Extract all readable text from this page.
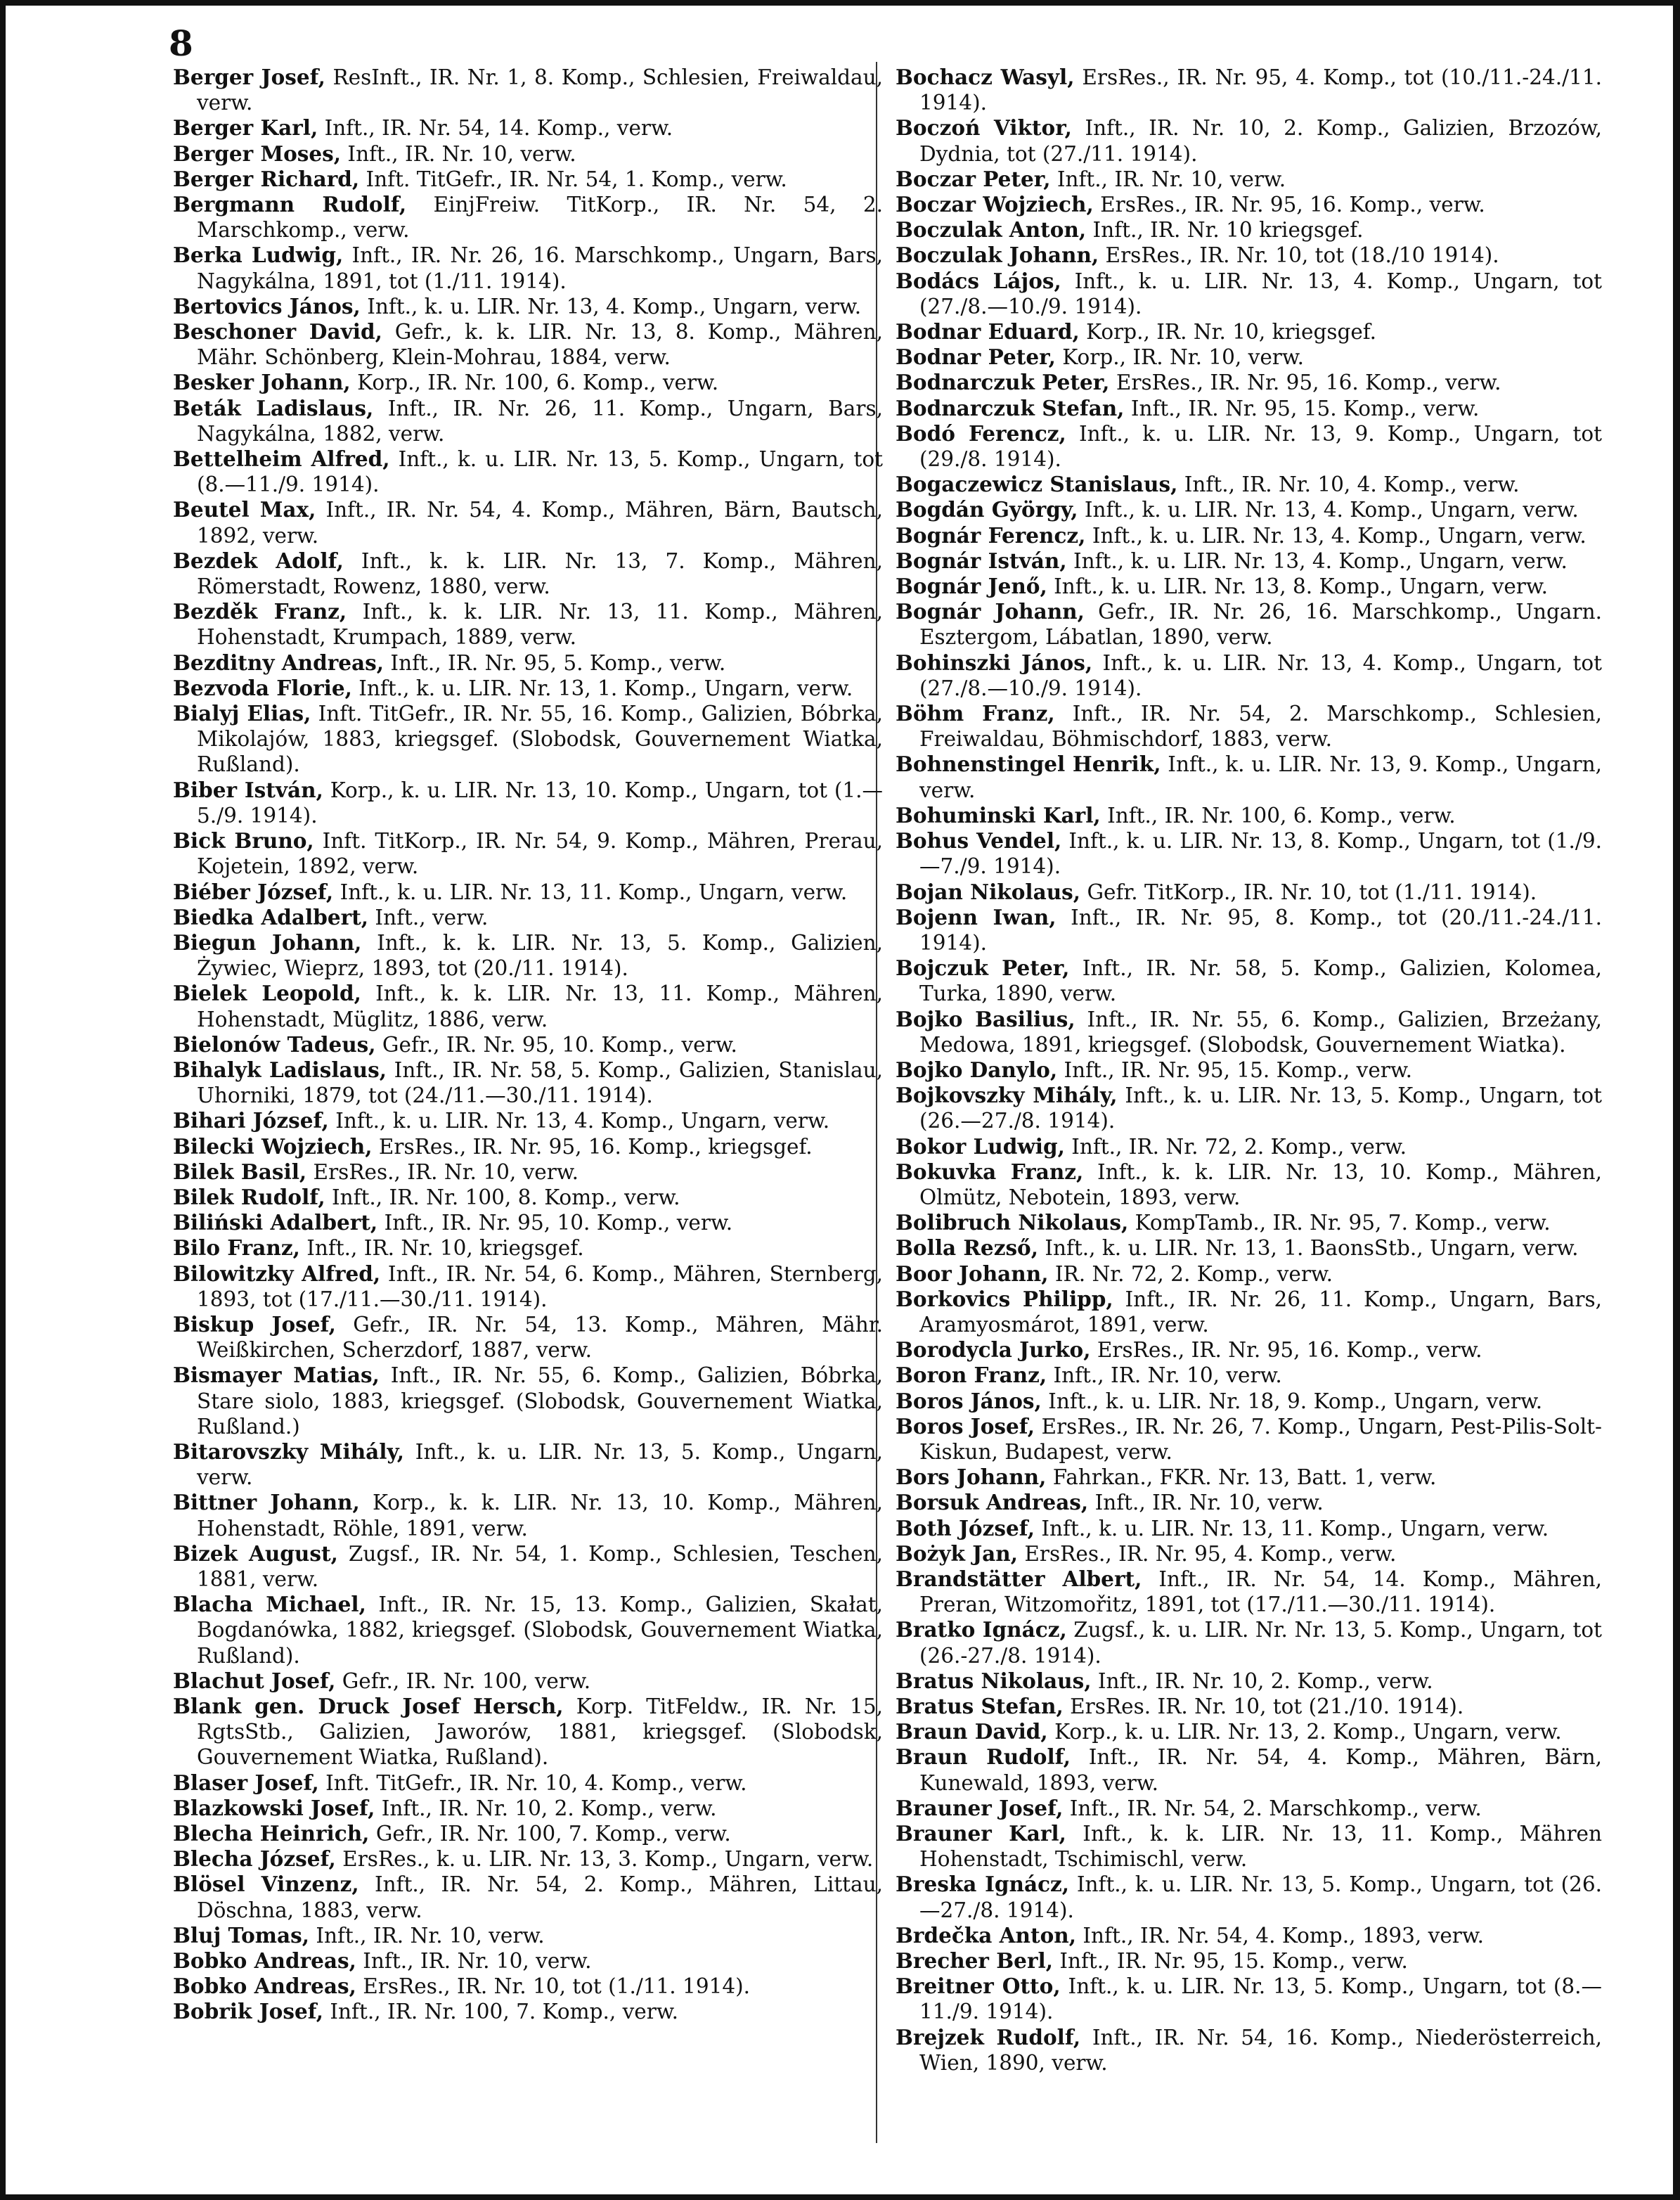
8
Berger Josef, ResInft., IR. Nr. 1, 8. Komp., Schlesien, Freiwaldau, verw.
Berger Karl, Inft., IR. Nr. 54, 14. Komp., verw.
Berger Moses, Inft., IR. Nr. 10, verw.
Berger Richard, Inft. TitGefr., IR. Nr. 54, 1. Komp., verw.
Bergmann Rudolf, EinjFreiw. TitKorp., IR. Nr. 54, 2. Marschkomp., verw.
Berka Ludwig, Inft., IR. Nr. 26, 16. Marschkomp., Ungarn, Bars, Nagykálna, 1891, tot (1./11. 1914).
Bertovics János, Inft., k. u. LIR. Nr. 13, 4. Komp., Ungarn, verw.
Beschoner David, Gefr., k. k. LIR. Nr. 13, 8. Komp., Mähren, Mähr. Schönberg, Klein-Mohrau, 1884, verw.
Besker Johann, Korp., IR. Nr. 100, 6. Komp., verw.
Beták Ladislaus, Inft., IR. Nr. 26, 11. Komp., Ungarn, Bars, Nagykálna, 1882, verw.
Bettelheim Alfred, Inft., k. u. LIR. Nr. 13, 5. Komp., Ungarn, tot (8.—11./9. 1914).
Beutel Max, Inft., IR. Nr. 54, 4. Komp., Mähren, Bärn, Bautsch, 1892, verw.
Bezdek Adolf, Inft., k. k. LIR. Nr. 13, 7. Komp., Mähren, Römerstadt, Rowenz, 1880, verw.
Bezděk Franz, Inft., k. k. LIR. Nr. 13, 11. Komp., Mähren, Hohenstadt, Krumpach, 1889, verw.
Bezditny Andreas, Inft., IR. Nr. 95, 5. Komp., verw.
Bezvoda Florie, Inft., k. u. LIR. Nr. 13, 1. Komp., Ungarn, verw.
Bialyj Elias, Inft. TitGefr., IR. Nr. 55, 16. Komp., Galizien, Bóbrka, Mikolajów, 1883, kriegsgef. (Slobodsk, Gouvernement Wiatka, Rußland).
Biber István, Korp., k. u. LIR. Nr. 13, 10. Komp., Ungarn, tot (1.—5./9. 1914).
Bick Bruno, Inft. TitKorp., IR. Nr. 54, 9. Komp., Mähren, Prerau, Kojetein, 1892, verw.
Biéber József, Inft., k. u. LIR. Nr. 13, 11. Komp., Ungarn, verw.
Biedka Adalbert, Inft., verw.
Biegun Johann, Inft., k. k. LIR. Nr. 13, 5. Komp., Galizien, Żywiec, Wieprz, 1893, tot (20./11. 1914).
Bielek Leopold, Inft., k. k. LIR. Nr. 13, 11. Komp., Mähren, Hohenstadt, Müglitz, 1886, verw.
Bielonów Tadeus, Gefr., IR. Nr. 95, 10. Komp., verw.
Bihalyk Ladislaus, Inft., IR. Nr. 58, 5. Komp., Galizien, Stanislau, Uhorniki, 1879, tot (24./11.—30./11. 1914).
Bihari József, Inft., k. u. LIR. Nr. 13, 4. Komp., Ungarn, verw.
Bilecki Wojziech, ErsRes., IR. Nr. 95, 16. Komp., kriegsgef.
Bilek Basil, ErsRes., IR. Nr. 10, verw.
Bilek Rudolf, Inft., IR. Nr. 100, 8. Komp., verw.
Biliński Adalbert, Inft., IR. Nr. 95, 10. Komp., verw.
Bilo Franz, Inft., IR. Nr. 10, kriegsgef.
Bilowitzky Alfred, Inft., IR. Nr. 54, 6. Komp., Mähren, Sternberg, 1893, tot (17./11.—30./11. 1914).
Biskup Josef, Gefr., IR. Nr. 54, 13. Komp., Mähren, Mähr. Weißkirchen, Scherzdorf, 1887, verw.
Bismayer Matias, Inft., IR. Nr. 55, 6. Komp., Galizien, Bóbrka, Stare siolo, 1883, kriegsgef. (Slobodsk, Gouvernement Wiatka, Rußland.)
Bitarovszky Mihály, Inft., k. u. LIR. Nr. 13, 5. Komp., Ungarn, verw.
Bittner Johann, Korp., k. k. LIR. Nr. 13, 10. Komp., Mähren, Hohenstadt, Röhle, 1891, verw.
Bizek August, Zugsf., IR. Nr. 54, 1. Komp., Schlesien, Teschen, 1881, verw.
Blacha Michael, Inft., IR. Nr. 15, 13. Komp., Galizien, Skałat, Bogdanówka, 1882, kriegsgef. (Slobodsk, Gouvernement Wiatka, Rußland).
Blachut Josef, Gefr., IR. Nr. 100, verw.
Blank gen. Druck Josef Hersch, Korp. TitFeldw., IR. Nr. 15, RgtsStb., Galizien, Jaworów, 1881, kriegsgef. (Slobodsk, Gouvernement Wiatka, Rußland).
Blaser Josef, Inft. TitGefr., IR. Nr. 10, 4. Komp., verw.
Blazkowski Josef, Inft., IR. Nr. 10, 2. Komp., verw.
Blecha Heinrich, Gefr., IR. Nr. 100, 7. Komp., verw.
Blecha József, ErsRes., k. u. LIR. Nr. 13, 3. Komp., Ungarn, verw.
Blösel Vinzenz, Inft., IR. Nr. 54, 2. Komp., Mähren, Littau, Döschna, 1883, verw.
Bluj Tomas, Inft., IR. Nr. 10, verw.
Bobko Andreas, Inft., IR. Nr. 10, verw.
Bobko Andreas, ErsRes., IR. Nr. 10, tot (1./11. 1914).
Bobrik Josef, Inft., IR. Nr. 100, 7. Komp., verw.
Bochacz Wasyl, ErsRes., IR. Nr. 95, 4. Komp., tot (10./11.-24./11. 1914).
Boczoń Viktor, Inft., IR. Nr. 10, 2. Komp., Galizien, Brzozów, Dydnia, tot (27./11. 1914).
Boczar Peter, Inft., IR. Nr. 10, verw.
Boczar Wojziech, ErsRes., IR. Nr. 95, 16. Komp., verw.
Boczulak Anton, Inft., IR. Nr. 10 kriegsgef.
Boczulak Johann, ErsRes., IR. Nr. 10, tot (18./10 1914).
Bodács Lájos, Inft., k. u. LIR. Nr. 13, 4. Komp., Ungarn, tot (27./8.—10./9. 1914).
Bodnar Eduard, Korp., IR. Nr. 10, kriegsgef.
Bodnar Peter, Korp., IR. Nr. 10, verw.
Bodnarczuk Peter, ErsRes., IR. Nr. 95, 16. Komp., verw.
Bodnarczuk Stefan, Inft., IR. Nr. 95, 15. Komp., verw.
Bodó Ferencz, Inft., k. u. LIR. Nr. 13, 9. Komp., Ungarn, tot (29./8. 1914).
Bogaczewicz Stanislaus, Inft., IR. Nr. 10, 4. Komp., verw.
Bogdán György, Inft., k. u. LIR. Nr. 13, 4. Komp., Ungarn, verw.
Bognár Ferencz, Inft., k. u. LIR. Nr. 13, 4. Komp., Ungarn, verw.
Bognár István, Inft., k. u. LIR. Nr. 13, 4. Komp., Ungarn, verw.
Bognár Jenő, Inft., k. u. LIR. Nr. 13, 8. Komp., Ungarn, verw.
Bognár Johann, Gefr., IR. Nr. 26, 16. Marschkomp., Ungarn. Esztergom, Lábatlan, 1890, verw.
Bohinszki János, Inft., k. u. LIR. Nr. 13, 4. Komp., Ungarn, tot (27./8.—10./9. 1914).
Böhm Franz, Inft., IR. Nr. 54, 2. Marschkomp., Schlesien, Freiwaldau, Böhmischdorf, 1883, verw.
Bohnenstingel Henrik, Inft., k. u. LIR. Nr. 13, 9. Komp., Ungarn, verw.
Bohuminski Karl, Inft., IR. Nr. 100, 6. Komp., verw.
Bohus Vendel, Inft., k. u. LIR. Nr. 13, 8. Komp., Ungarn, tot (1./9.—7./9. 1914).
Bojan Nikolaus, Gefr. TitKorp., IR. Nr. 10, tot (1./11. 1914).
Bojenn Iwan, Inft., IR. Nr. 95, 8. Komp., tot (20./11.-24./11. 1914).
Bojczuk Peter, Inft., IR. Nr. 58, 5. Komp., Galizien, Kolomea, Turka, 1890, verw.
Bojko Basilius, Inft., IR. Nr. 55, 6. Komp., Galizien, Brzeżany, Medowa, 1891, kriegsgef. (Slobodsk, Gouvernement Wiatka).
Bojko Danylo, Inft., IR. Nr. 95, 15. Komp., verw.
Bojkovszky Mihály, Inft., k. u. LIR. Nr. 13, 5. Komp., Ungarn, tot (26.—27./8. 1914).
Bokor Ludwig, Inft., IR. Nr. 72, 2. Komp., verw.
Bokuvka Franz, Inft., k. k. LIR. Nr. 13, 10. Komp., Mähren, Olmütz, Nebotein, 1893, verw.
Bolibruch Nikolaus, KompTamb., IR. Nr. 95, 7. Komp., verw.
Bolla Rezső, Inft., k. u. LIR. Nr. 13, 1. BaonsStb., Ungarn, verw.
Boor Johann, IR. Nr. 72, 2. Komp., verw.
Borkovics Philipp, Inft., IR. Nr. 26, 11. Komp., Ungarn, Bars, Aramyosmárot, 1891, verw.
Borodycla Jurko, ErsRes., IR. Nr. 95, 16. Komp., verw.
Boron Franz, Inft., IR. Nr. 10, verw.
Boros János, Inft., k. u. LIR. Nr. 18, 9. Komp., Ungarn, verw.
Boros Josef, ErsRes., IR. Nr. 26, 7. Komp., Ungarn, Pest-Pilis-Solt-Kiskun, Budapest, verw.
Bors Johann, Fahrkan., FKR. Nr. 13, Batt. 1, verw.
Borsuk Andreas, Inft., IR. Nr. 10, verw.
Both József, Inft., k. u. LIR. Nr. 13, 11. Komp., Ungarn, verw.
Bożyk Jan, ErsRes., IR. Nr. 95, 4. Komp., verw.
Brandstätter Albert, Inft., IR. Nr. 54, 14. Komp., Mähren, Preran, Witzomořitz, 1891, tot (17./11.—30./11. 1914).
Bratko Ignácz, Zugsf., k. u. LIR. Nr. Nr. 13, 5. Komp., Ungarn, tot (26.-27./8. 1914).
Bratus Nikolaus, Inft., IR. Nr. 10, 2. Komp., verw.
Bratus Stefan, ErsRes. IR. Nr. 10, tot (21./10. 1914).
Braun David, Korp., k. u. LIR. Nr. 13, 2. Komp., Ungarn, verw.
Braun Rudolf, Inft., IR. Nr. 54, 4. Komp., Mähren, Bärn, Kunewald, 1893, verw.
Brauner Josef, Inft., IR. Nr. 54, 2. Marschkomp., verw.
Brauner Karl, Inft., k. k. LIR. Nr. 13, 11. Komp., Mähren Hohenstadt, Tschimischl, verw.
Breska Ignácz, Inft., k. u. LIR. Nr. 13, 5. Komp., Ungarn, tot (26.—27./8. 1914).
Brdečka Anton, Inft., IR. Nr. 54, 4. Komp., 1893, verw.
Brecher Berl, Inft., IR. Nr. 95, 15. Komp., verw.
Breitner Otto, Inft., k. u. LIR. Nr. 13, 5. Komp., Ungarn, tot (8.—11./9. 1914).
Brejzek Rudolf, Inft., IR. Nr. 54, 16. Komp., Niederösterreich, Wien, 1890, verw.
